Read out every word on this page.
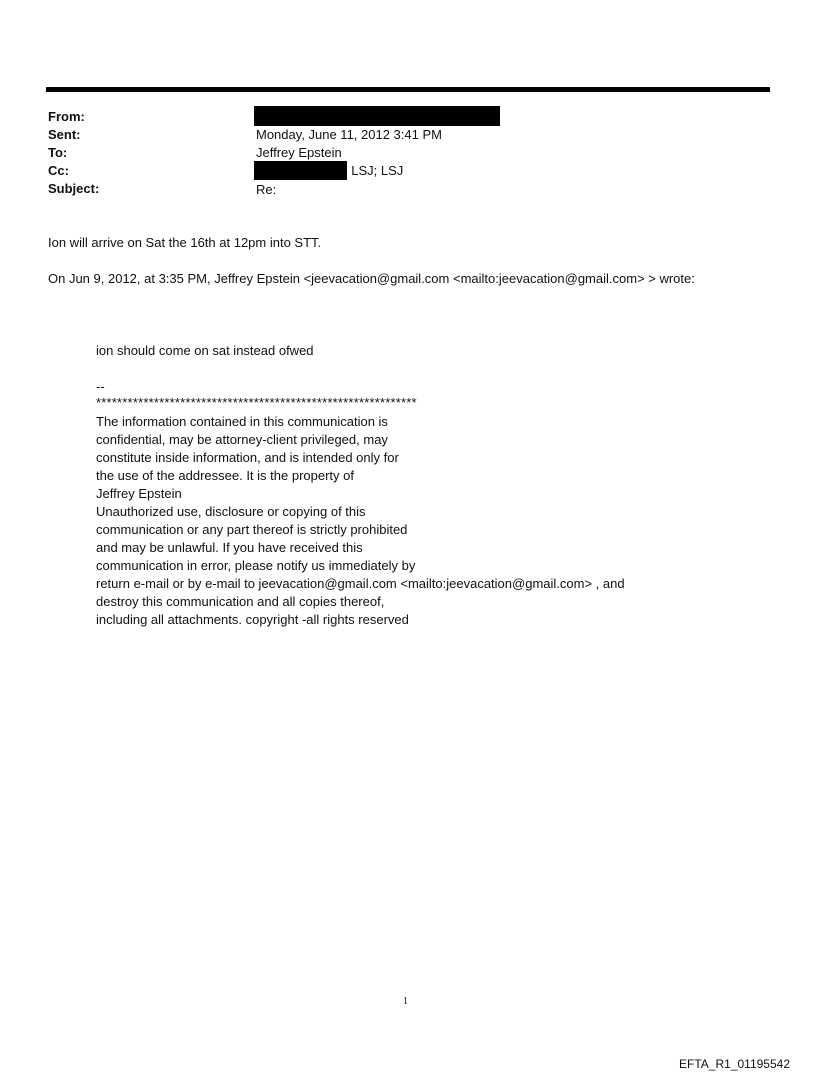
From:
Sent:	Monday, June 11, 2012 3:41 PM
To:	Jeffrey Epstein
Cc:	; LSJ; LSJ
Subject:	Re:
Ion will arrive on Sat the 16th at 12pm into STT.
On Jun 9, 2012, at 3:35 PM, Jeffrey Epstein <jeevacation@gmail.com <mailto:jeevacation@gmail.com> > wrote:
ion should come on sat instead ofwed
--
*************************************************************
The information contained in this communication is
confidential, may be attorney-client privileged, may
constitute inside information, and is intended only for
the use of the addressee. It is the property of
Jeffrey Epstein
Unauthorized use, disclosure or copying of this
communication or any part thereof is strictly prohibited
and may be unlawful. If you have received this
communication in error, please notify us immediately by
return e-mail or by e-mail to jeevacation@gmail.com <mailto:jeevacation@gmail.com> , and
destroy this communication and all copies thereof,
including all attachments. copyright -all rights reserved
1
EFTA_R1_01195542
